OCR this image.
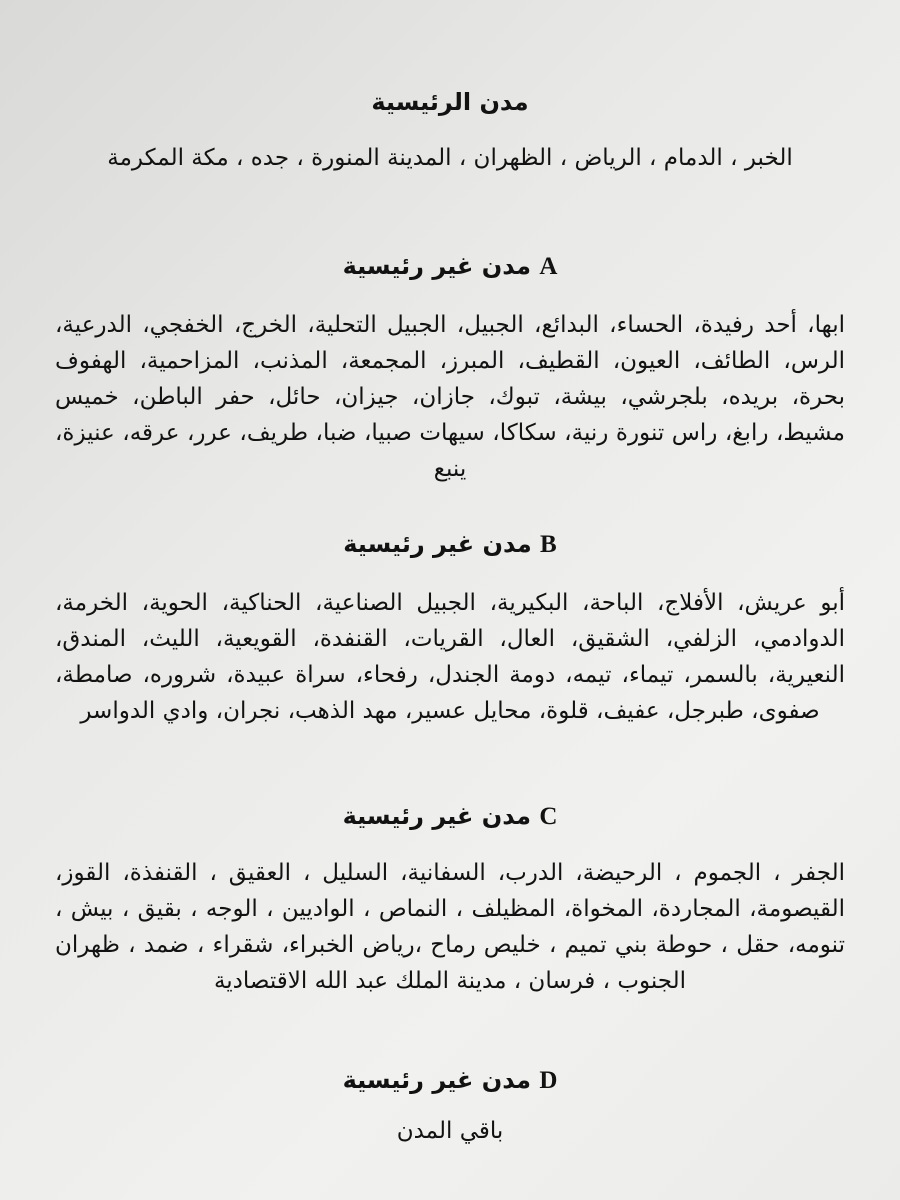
مدن الرئيسية

الخبر ، الدمام ، الرياض ، الظهران ، المدينة المنورة ، جده ، مكة المكرمة

A مدن غير رئيسية

ابها، أحد رفيدة، الحساء، البدائع، الجبيل، الجبيل التحلية، الخرج، الخفجي، الدرعية، الرس، الطائف، العيون، القطيف، المبرز، المجمعة، المذنب، المزاحمية، الهفوف بحرة، بريده، بلجرشي، بيشة، تبوك، جازان، جيزان، حائل، حفر الباطن، خميس مشيط، رابغ، راس تنورة رنية، سكاكا، سيهات صبيا، ضبا، طريف، عرر، عرقه، عنيزة، ينبع

B مدن غير رئيسية

أبو عريش، الأفلاج، الباحة، البكيرية، الجبيل الصناعية، الحناكية، الحوية، الخرمة، الدوادمي، الزلفي، الشقيق، العال، القريات، القنفدة، القويعية، الليث، المندق، النعيرية، بالسمر، تيماء، تيمه، دومة الجندل، رفحاء، سراة عبيدة، شروره، صامطة، صفوى، طبرجل، عفيف، قلوة، محايل عسير، مهد الذهب، نجران، وادي الدواسر

C مدن غير رئيسية

الجفر ، الجموم ، الرحيضة، الدرب، السفانية، السليل ، العقيق ، القنفذة، القوز، القيصومة، المجاردة، المخواة، المظيلف ، النماص ، الواديين ، الوجه ، بقيق ، بيش ، تنومه، حقل ، حوطة بني تميم ، خليص رماح ،رياض الخبراء، شقراء ، ضمد ، ظهران الجنوب ، فرسان ، مدينة الملك عبد الله الاقتصادية

D مدن غير رئيسية

باقي المدن
